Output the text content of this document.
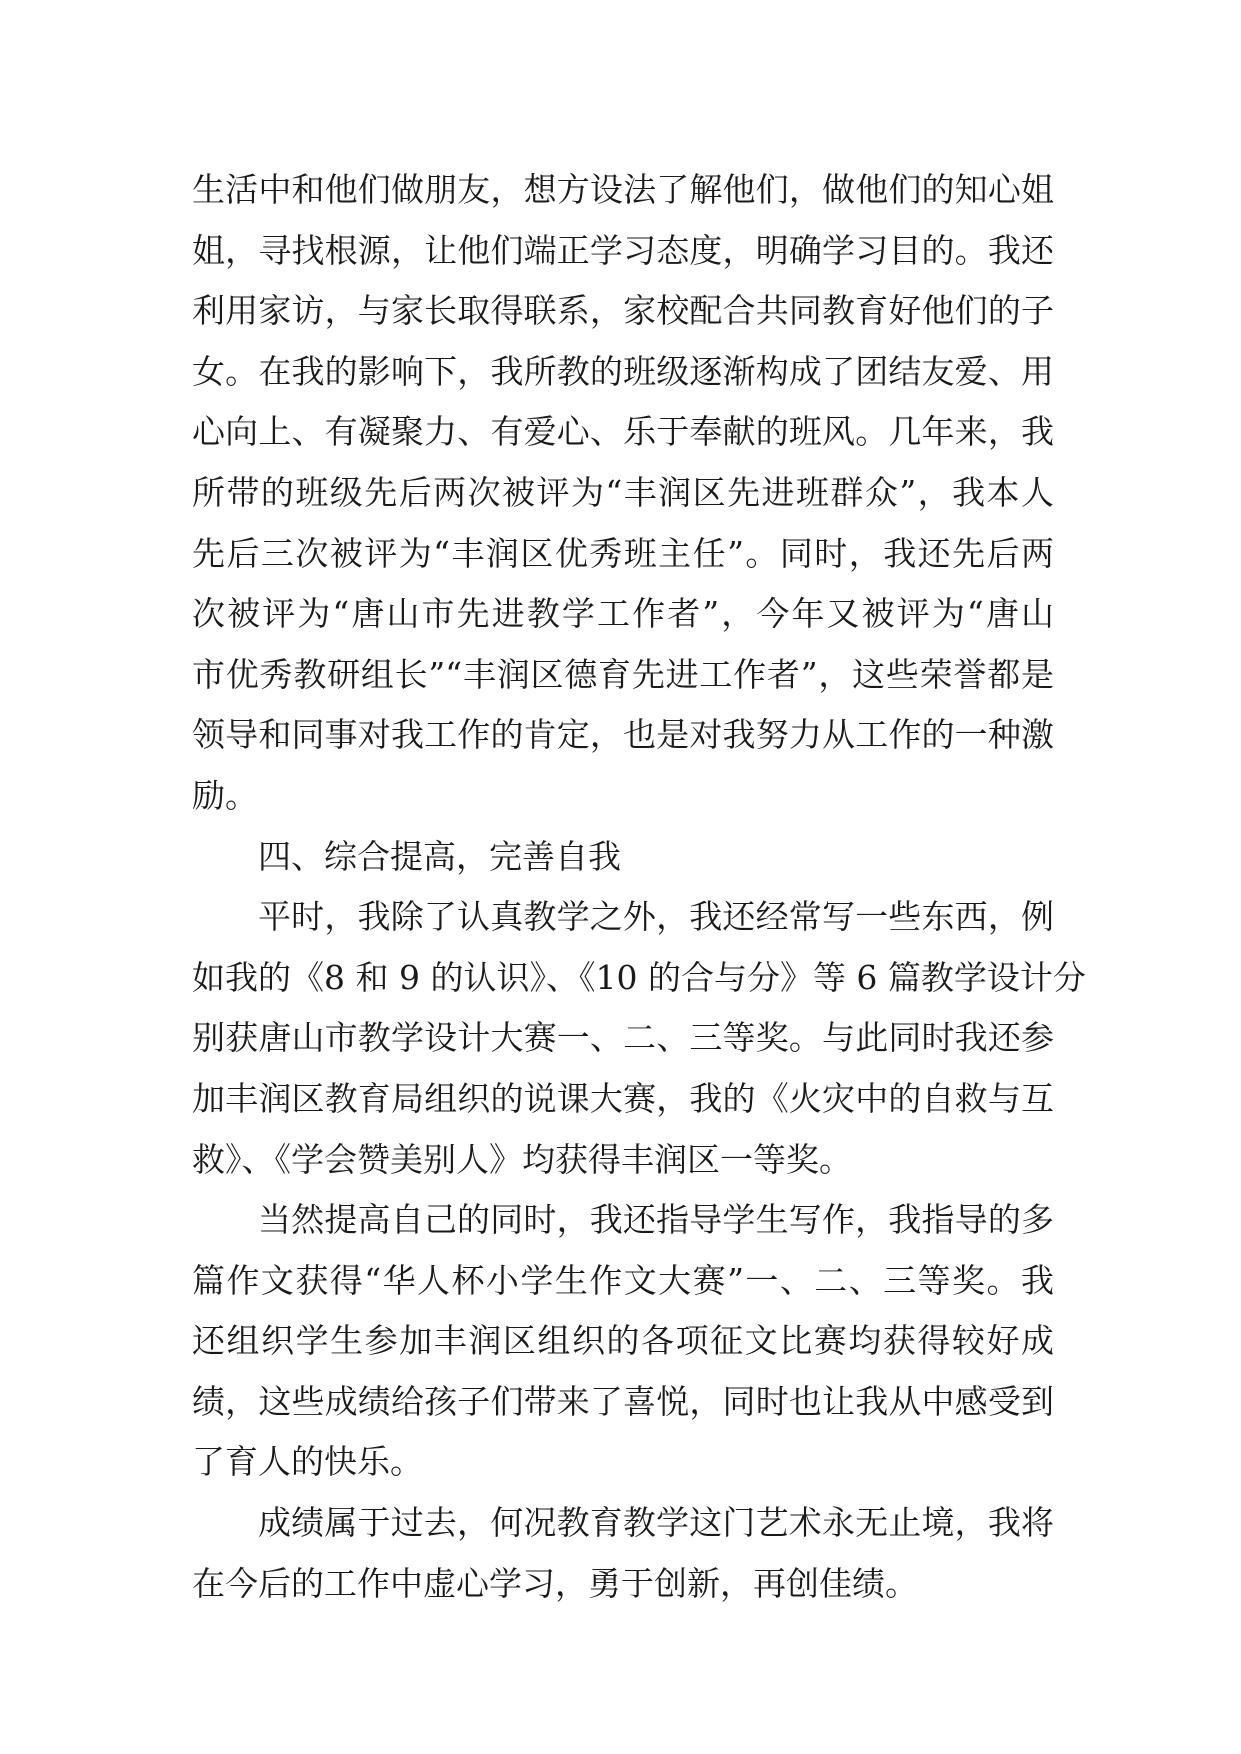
生活中和他们做朋友，想方设法了解他们，做他们的知心姐
姐，寻找根源，让他们端正学习态度，明确学习目的。我还
利用家访，与家长取得联系，家校配合共同教育好他们的子
女。在我的影响下，我所教的班级逐渐构成了团结友爱、用
心向上、有凝聚力、有爱心、乐于奉献的班风。几年来，我
所带的班级先后两次被评为“丰润区先进班群众”，我本人
先后三次被评为“丰润区优秀班主任”。同时，我还先后两
次被评为“唐山市先进教学工作者”，今年又被评为“唐山
市优秀教研组长”“丰润区德育先进工作者”，这些荣誉都是
领导和同事对我工作的肯定，也是对我努力从工作的一种激
励。
四、综合提高，完善自我
平时，我除了认真教学之外，我还经常写一些东西，例
如我的《8 和 9 的认识》、《10 的合与分》等 6 篇教学设计分
别获唐山市教学设计大赛一、二、三等奖。与此同时我还参
加丰润区教育局组织的说课大赛，我的《火灾中的自救与互
救》、《学会赞美别人》均获得丰润区一等奖。
当然提高自己的同时，我还指导学生写作，我指导的多
篇作文获得“华人杯小学生作文大赛”一、二、三等奖。我
还组织学生参加丰润区组织的各项征文比赛均获得较好成
绩，这些成绩给孩子们带来了喜悦，同时也让我从中感受到
了育人的快乐。
成绩属于过去，何况教育教学这门艺术永无止境，我将
在今后的工作中虚心学习，勇于创新，再创佳绩。
